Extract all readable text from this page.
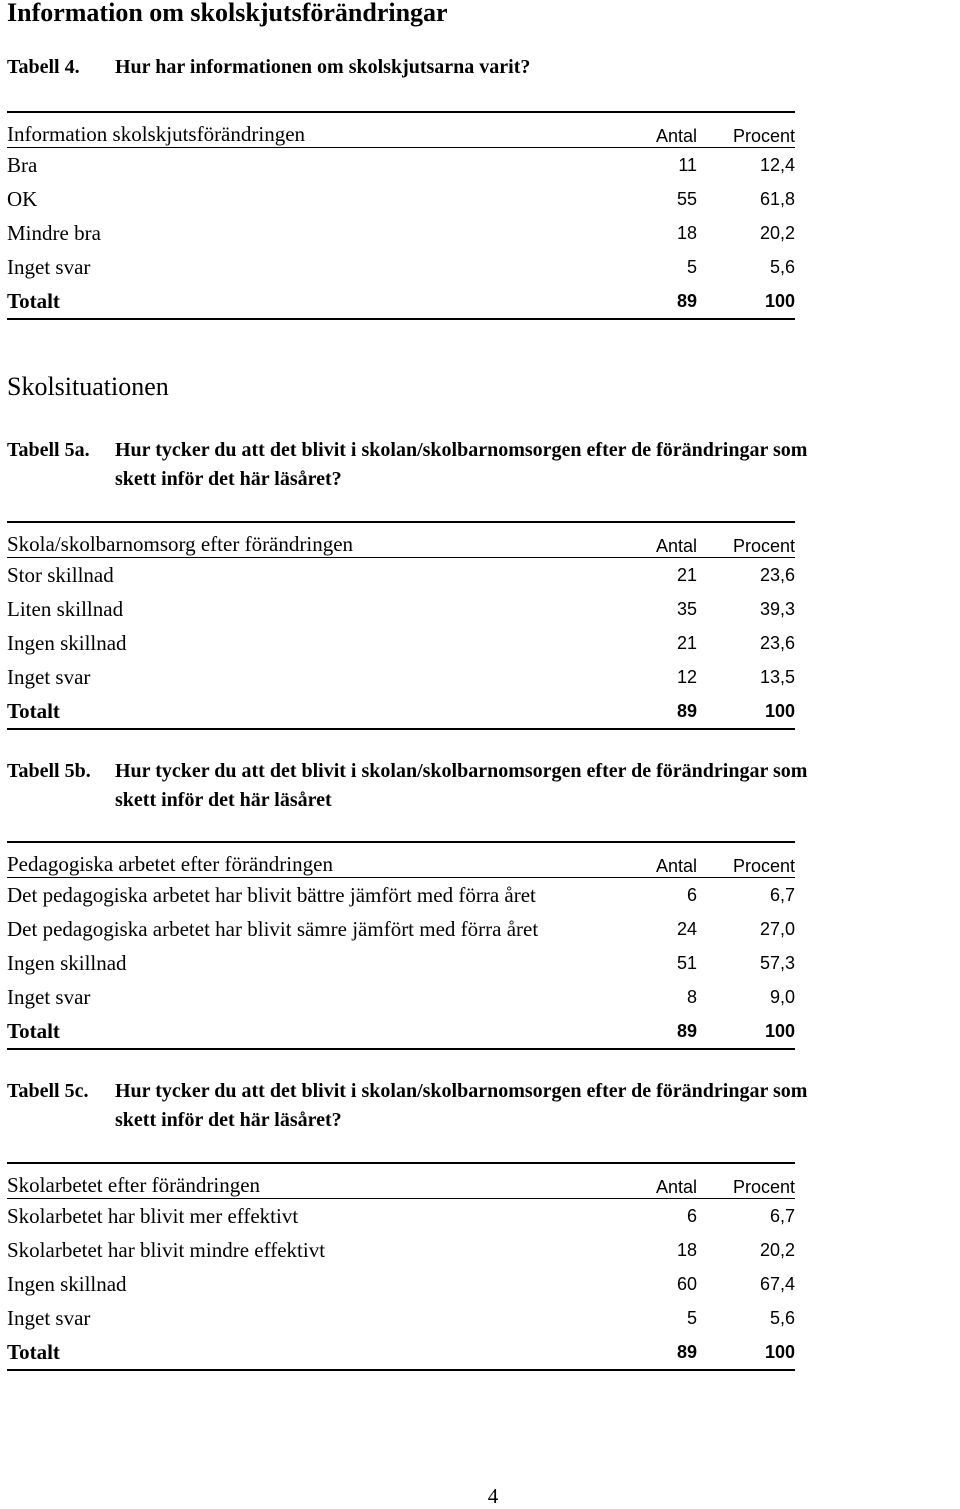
Information om skolskjutsförändringar
Tabell 4. Hur har informationen om skolskjutsarna varit?
Information skolskjutsförändringen	Antal	Procent
Bra	11	12,4
OK	55	61,8
Mindre bra	18	20,2
Inget svar	5	5,6
Totalt	89	100
Skolsituationen
Tabell 5a. Hur tycker du att det blivit i skolan/skolbarnomsorgen efter de förändringar som
skett inför det här läsåret?
Skola/skolbarnomsorg efter förändringen	Antal	Procent
Stor skillnad	21	23,6
Liten skillnad	35	39,3
Ingen skillnad	21	23,6
Inget svar	12	13,5
Totalt	89	100
Tabell 5b. Hur tycker du att det blivit i skolan/skolbarnomsorgen efter de förändringar som
skett inför det här läsåret
Pedagogiska arbetet efter förändringen	Antal	Procent
Det pedagogiska arbetet har blivit bättre jämfört med förra året	6	6,7
Det pedagogiska arbetet har blivit sämre jämfört med förra året	24	27,0
Ingen skillnad	51	57,3
Inget svar	8	9,0
Totalt	89	100
Tabell 5c. Hur tycker du att det blivit i skolan/skolbarnomsorgen efter de förändringar som
skett inför det här läsåret?
Skolarbetet efter förändringen	Antal	Procent
Skolarbetet har blivit mer effektivt	6	6,7
Skolarbetet har blivit mindre effektivt	18	20,2
Ingen skillnad	60	67,4
Inget svar	5	5,6
Totalt	89	100
4
